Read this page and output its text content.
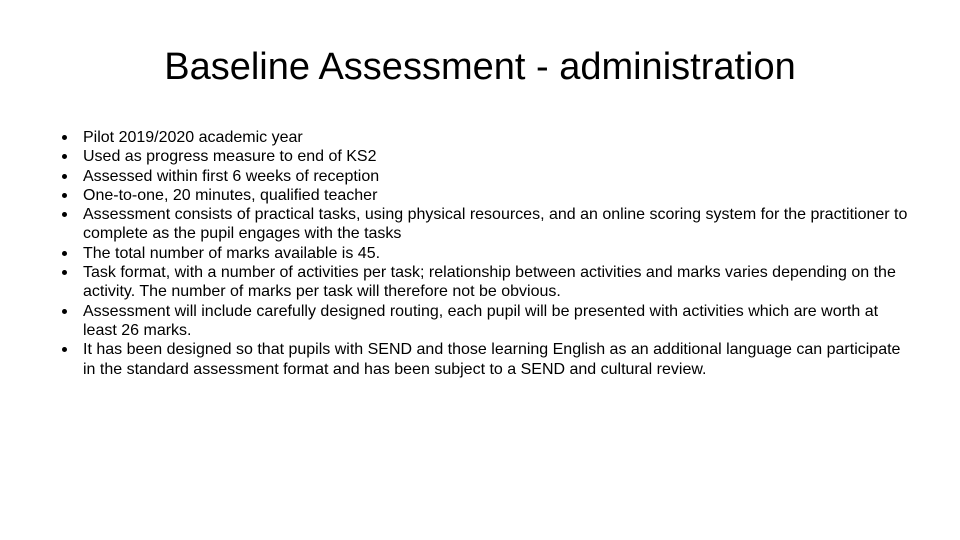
Baseline Assessment - administration
Pilot 2019/2020 academic year
Used as progress measure to end of KS2
Assessed within first 6 weeks of reception
One-to-one, 20 minutes, qualified teacher
Assessment consists of practical tasks, using physical resources, and an online scoring system for the practitioner to complete as the pupil engages with the tasks
The total number of marks available is 45.
Task format, with a number of activities per task; relationship between activities and marks varies depending on the activity. The number of marks per task will therefore not be obvious.
Assessment will include carefully designed routing, each pupil will be presented with activities which are worth at least 26 marks.
It has been designed so that pupils with SEND and those learning English as an additional language can participate in the standard assessment format and has been subject to a SEND and cultural review.
